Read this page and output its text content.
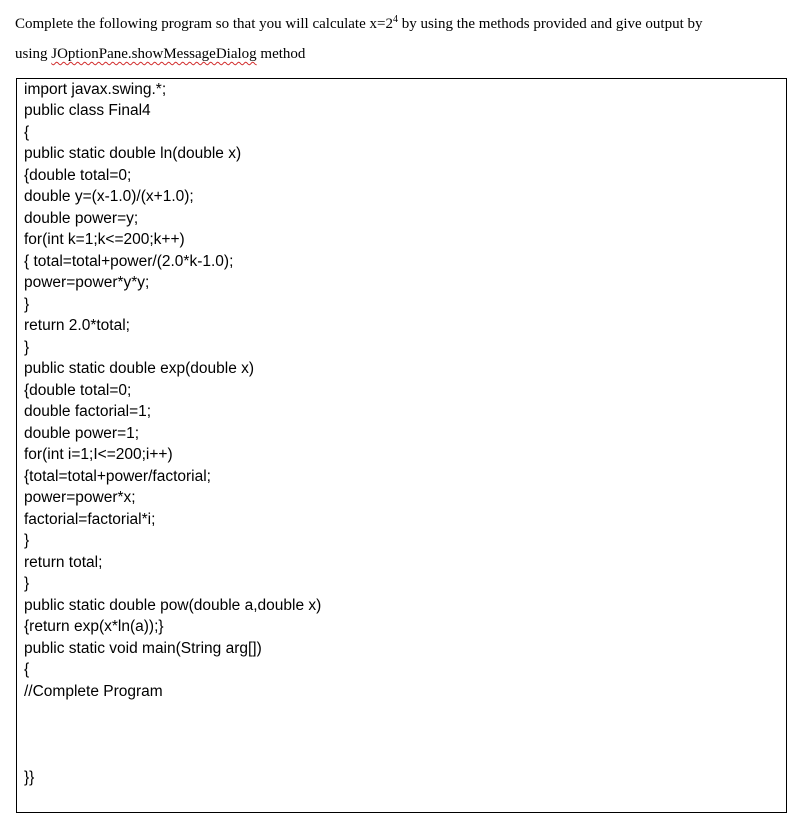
Complete the following program so that you will calculate $x=2^4$ by using the methods provided and give output by
using JOptionPane.showMessageDialog method
import javax.swing.*;
public class Final4
{
public static double ln(double x)
{double total=0;
double y=(x-1.0)/(x+1.0);
double power=y;
for(int k=1;k<=200;k++)
{ total=total+power/(2.0*k-1.0);
power=power*y*y;
}
return 2.0*total;
}
public static double exp(double x)
{double total=0;
double factorial=1;
double power=1;
for(int i=1;I<=200;i++)
{total=total+power/factorial;
power=power*x;
factorial=factorial*i;
}
return total;
}
public static double pow(double a,double x)
{return exp(x*ln(a));}
public static void main(String arg[])
{
//Complete Program
}}
